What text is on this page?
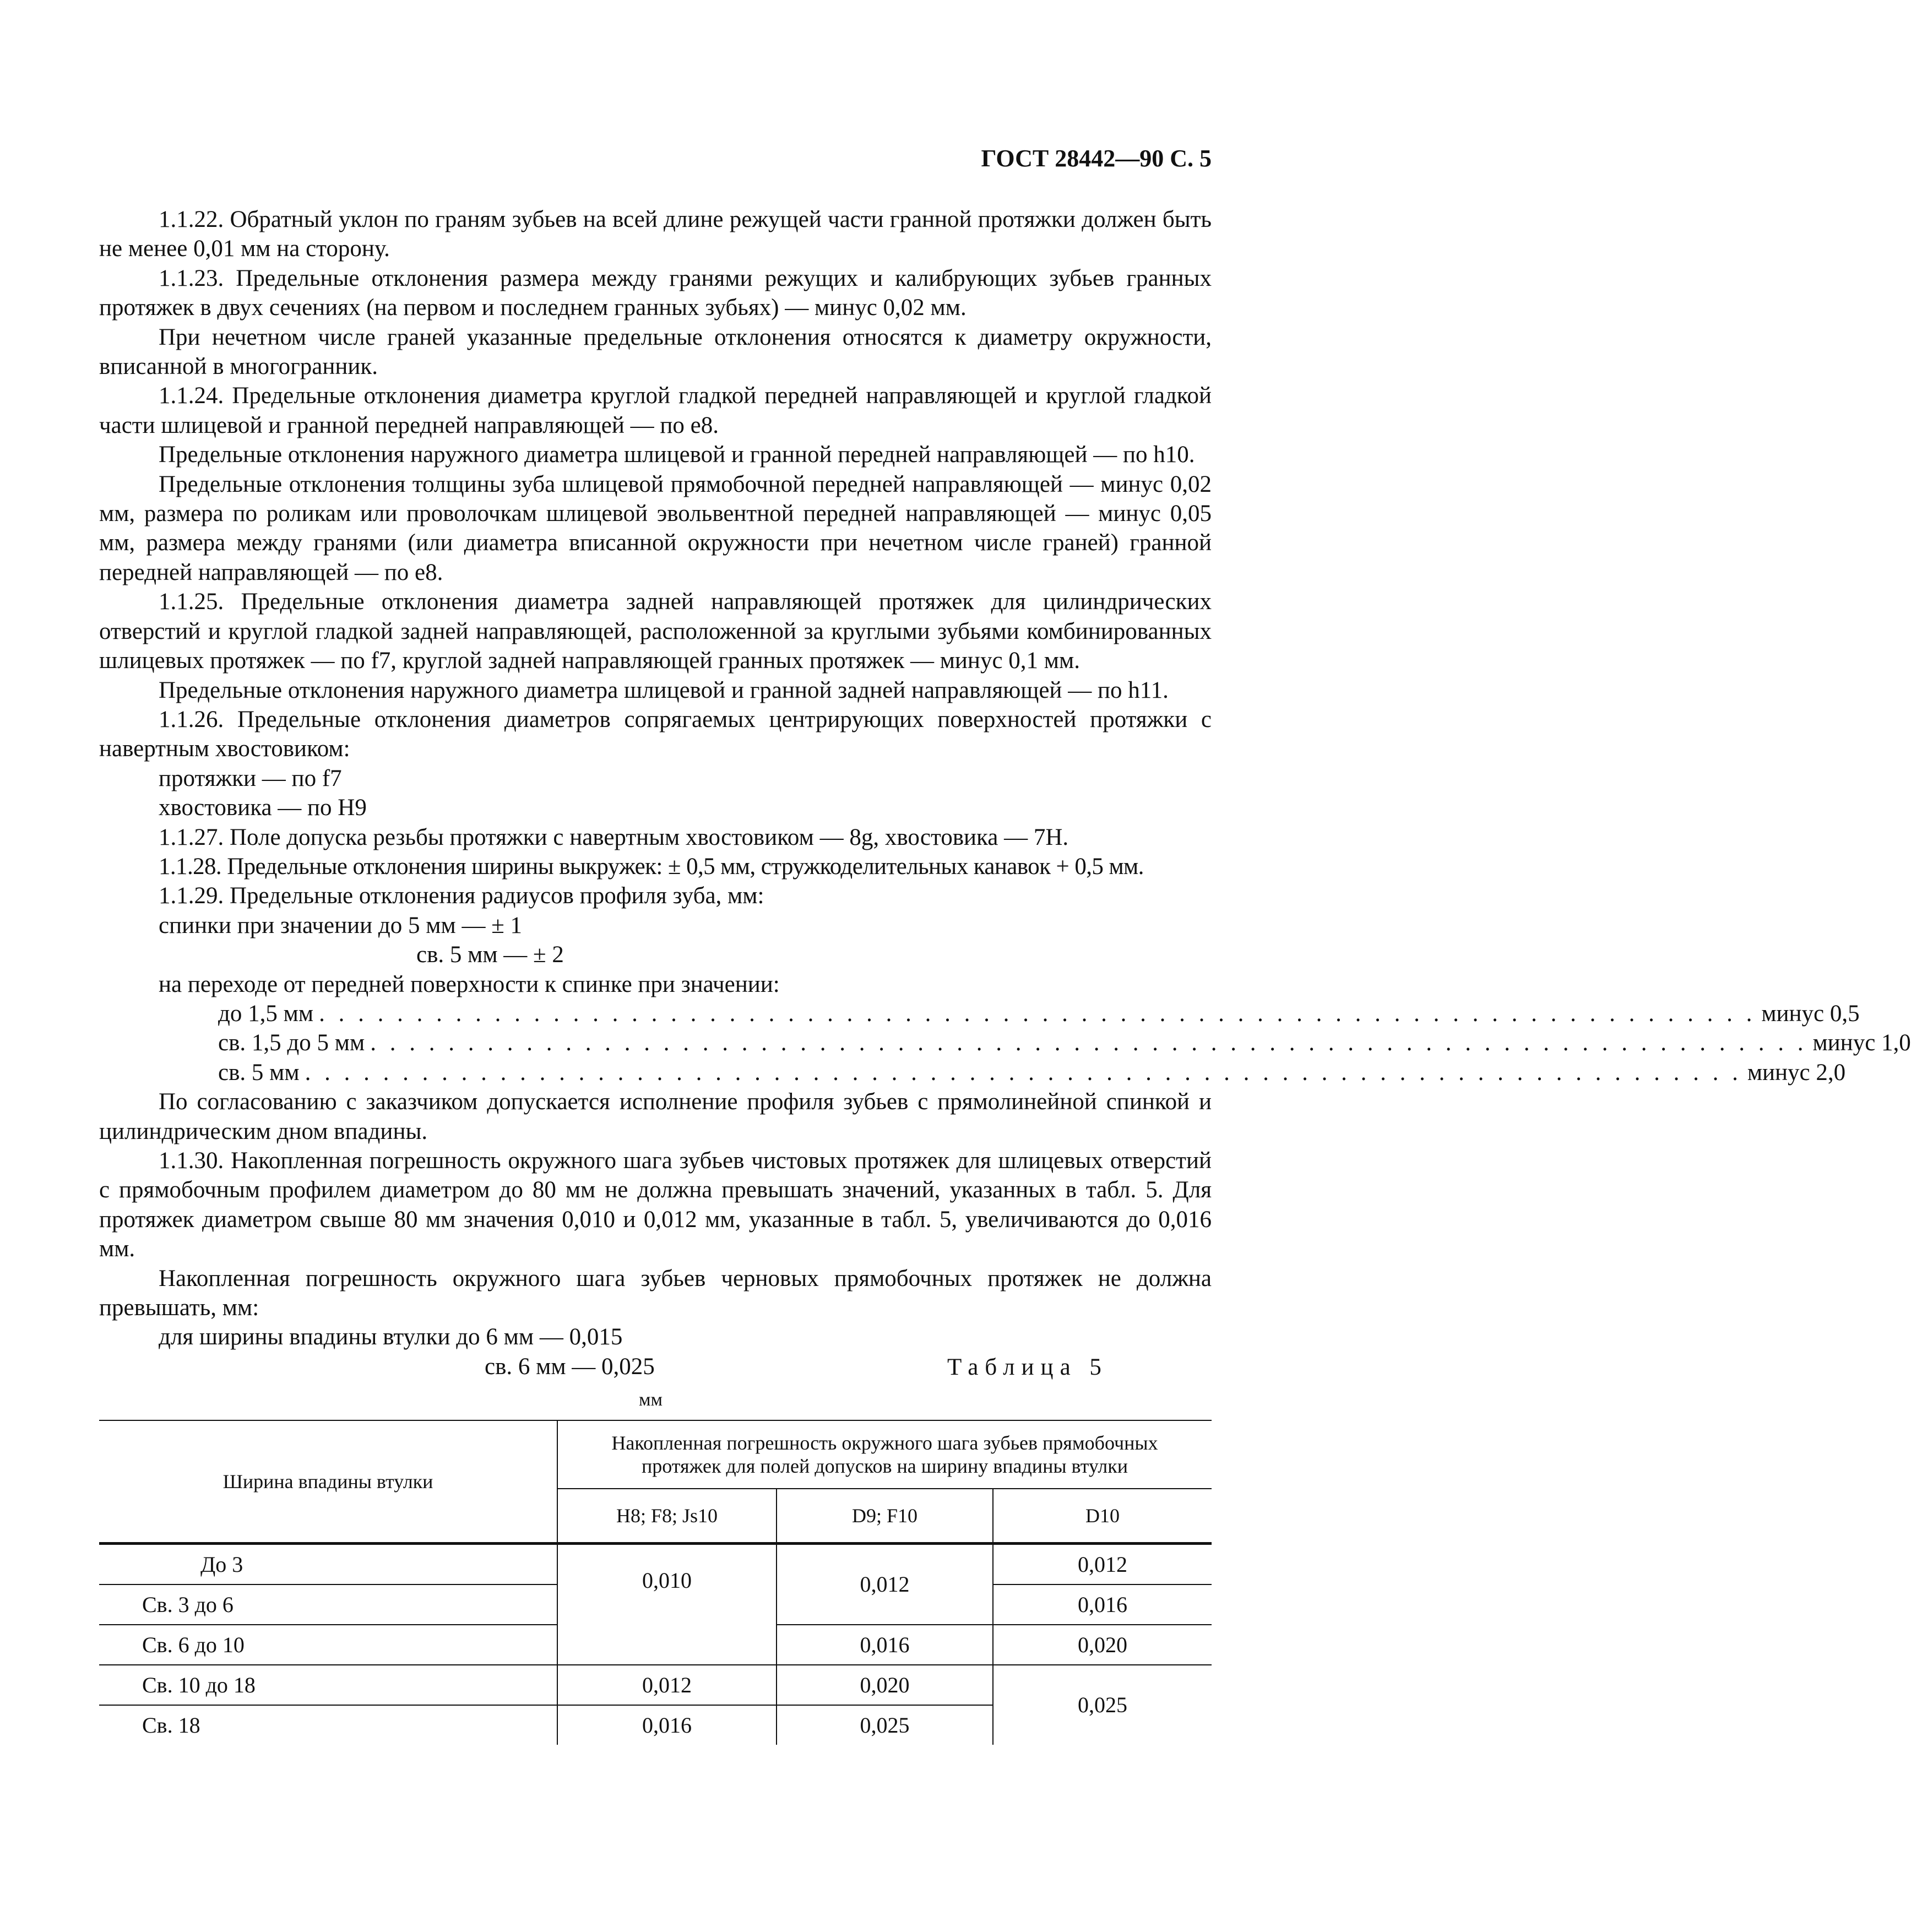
ГОСТ 28442—90 С. 5

1.1.22. Обратный уклон по граням зубьев на всей длине режущей части гранной протяжки должен быть не менее 0,01 мм на сторону.

1.1.23. Предельные отклонения размера между гранями режущих и калибрующих зубьев гранных протяжек в двух сечениях (на первом и последнем гранных зубьях) — минус 0,02 мм.

При нечетном числе граней указанные предельные отклонения относятся к диаметру окружности, вписанной в многогранник.

1.1.24. Предельные отклонения диаметра круглой гладкой передней направляющей и круглой гладкой части шлицевой и гранной передней направляющей — по е8.

Предельные отклонения наружного диаметра шлицевой и гранной передней направляющей — по h10.

Предельные отклонения толщины зуба шлицевой прямобочной передней направляющей — минус 0,02 мм, размера по роликам или проволочкам шлицевой эвольвентной передней направляющей — минус 0,05 мм, размера между гранями (или диаметра вписанной окружности при нечетном числе граней) гранной передней направляющей — по е8.

1.1.25. Предельные отклонения диаметра задней направляющей протяжек для цилиндрических отверстий и круглой гладкой задней направляющей, расположенной за круглыми зубьями комбинированных шлицевых протяжек — по f7, круглой задней направляющей гранных протяжек — минус 0,1 мм.

Предельные отклонения наружного диаметра шлицевой и гранной задней направляющей — по h11.

1.1.26. Предельные отклонения диаметров сопрягаемых центрирующих поверхностей протяжки с навертным хвостовиком:

протяжки — по f7

хвостовика — по Н9

1.1.27. Поле допуска резьбы протяжки с навертным хвостовиком — 8g, хвостовика — 7Н.

1.1.28. Предельные отклонения ширины выкружек: ± 0,5 мм, стружкоделительных канавок + 0,5 мм.

1.1.29. Предельные отклонения радиусов профиля зуба, мм:

спинки при значении до 5 мм — ± 1

св. 5 мм — ± 2

на переходе от передней поверхности к спинке при значении:

до 1,5 мм . . . . . . . . . . . . . . . . . . . . . . . . . . . . . . . . . . . . . . . . . . . . . . . . . . . . . . . . . . . . . . . . . . . . . . . . . . минус 0,5
св. 1,5 до 5 мм . . . . . . . . . . . . . . . . . . . . . . . . . . . . . . . . . . . . . . . . . . . . . . . . . . . . . . . . . . . . . . . . . . . . . . . . . . минус 1,0
св. 5 мм . . . . . . . . . . . . . . . . . . . . . . . . . . . . . . . . . . . . . . . . . . . . . . . . . . . . . . . . . . . . . . . . . . . . . . . . . . минус 2,0

По согласованию с заказчиком допускается исполнение профиля зубьев с прямолинейной спинкой и цилиндрическим дном впадины.

1.1.30. Накопленная погрешность окружного шага зубьев чистовых протяжек для шлицевых отверстий с прямобочным профилем диаметром до 80 мм не должна превышать значений, указанных в табл. 5. Для протяжек диаметром свыше 80 мм значения 0,010 и 0,012 мм, указанные в табл. 5, увеличиваются до 0,016 мм.

Накопленная погрешность окружного шага зубьев черновых прямобочных протяжек не должна превышать, мм:

для ширины впадины втулки до 6 мм — 0,015

св. 6 мм — 0,025	Таблица 5
мм
Ширина впадины втулки	Накопленная погрешность окружного шага зубьев прямобочных протяжек для полей допусков на ширину впадины втулки		
	H8; F8; Js10	D9; F10	D10
До 3	0,010	0,012	0,012
Св. 3 до 6			0,016
Св. 6 до 10		0,016	0,020
Св. 10 до 18	0,012	0,020	0,025
Св. 18	0,016	0,025	
